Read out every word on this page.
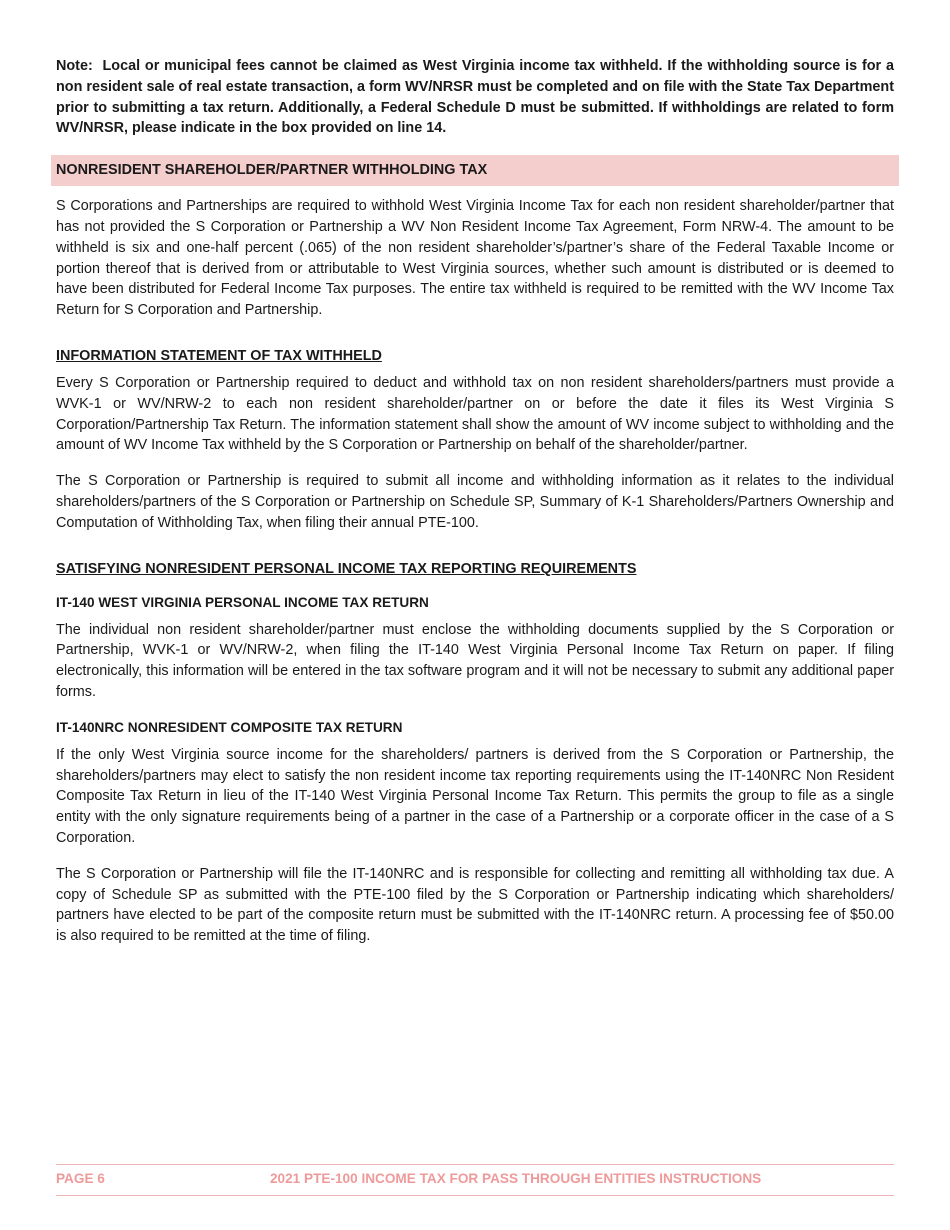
Note:  Local or municipal fees cannot be claimed as West Virginia income tax withheld. If the withholding source is for a non resident sale of real estate transaction, a form WV/NRSR must be completed and on file with the State Tax Department prior to submitting a tax return. Additionally, a Federal Schedule D must be submitted. If withholdings are related to form WV/NRSR, please indicate in the box provided on line 14.

NONRESIDENT SHAREHOLDER/PARTNER WITHHOLDING TAX

S Corporations and Partnerships are required to withhold West Virginia Income Tax for each non resident shareholder/partner that has not provided the S Corporation or Partnership a WV Non Resident Income Tax Agreement, Form NRW-4. The amount to be withheld is six and one-half percent (.065) of the non resident shareholder’s/partner’s share of the Federal Taxable Income or portion thereof that is derived from or attributable to West Virginia sources, whether such amount is distributed or is deemed to have been distributed for Federal Income Tax purposes. The entire tax withheld is required to be remitted with the WV Income Tax Return for S Corporation and Partnership.

INFORMATION STATEMENT OF TAX WITHHELD

Every S Corporation or Partnership required to deduct and withhold tax on non resident shareholders/partners must provide a WVK-1 or WV/NRW-2 to each non resident shareholder/partner on or before the date it files its West Virginia S Corporation/Partnership Tax Return. The information statement shall show the amount of WV income subject to withholding and the amount of WV Income Tax withheld by the S Corporation or Partnership on behalf of the shareholder/partner.

The S Corporation or Partnership is required to submit all income and withholding information as it relates to the individual shareholders/partners of the S Corporation or Partnership on Schedule SP, Summary of K-1 Shareholders/Partners Ownership and Computation of Withholding Tax, when filing their annual PTE-100.

SATISFYING NONRESIDENT PERSONAL INCOME TAX REPORTING REQUIREMENTS
IT-140 WEST VIRGINIA PERSONAL INCOME TAX RETURN

The individual non resident shareholder/partner must enclose the withholding documents supplied by the S Corporation or Partnership, WVK-1 or WV/NRW-2, when filing the IT-140 West Virginia Personal Income Tax Return on paper. If filing electronically, this information will be entered in the tax software program and it will not be necessary to submit any additional paper forms.

IT-140NRC NONRESIDENT COMPOSITE TAX RETURN

If the only West Virginia source income for the shareholders/ partners is derived from the S Corporation or Partnership, the shareholders/partners may elect to satisfy the non resident income tax reporting requirements using the IT-140NRC Non Resident Composite Tax Return in lieu of the IT-140 West Virginia Personal Income Tax Return. This permits the group to file as a single entity with the only signature requirements being of a partner in the case of a Partnership or a corporate officer in the case of a S Corporation.

The S Corporation or Partnership will file the IT-140NRC and is responsible for collecting and remitting all withholding tax due. A copy of Schedule SP as submitted with the PTE-100 filed by the S Corporation or Partnership indicating which shareholders/ partners have elected to be part of the composite return must be submitted with the IT-140NRC return. A processing fee of $50.00 is also required to be remitted at the time of filing.

PAGE 6	2021 PTE-100 INCOME TAX FOR PASS THROUGH ENTITIES INSTRUCTIONS
